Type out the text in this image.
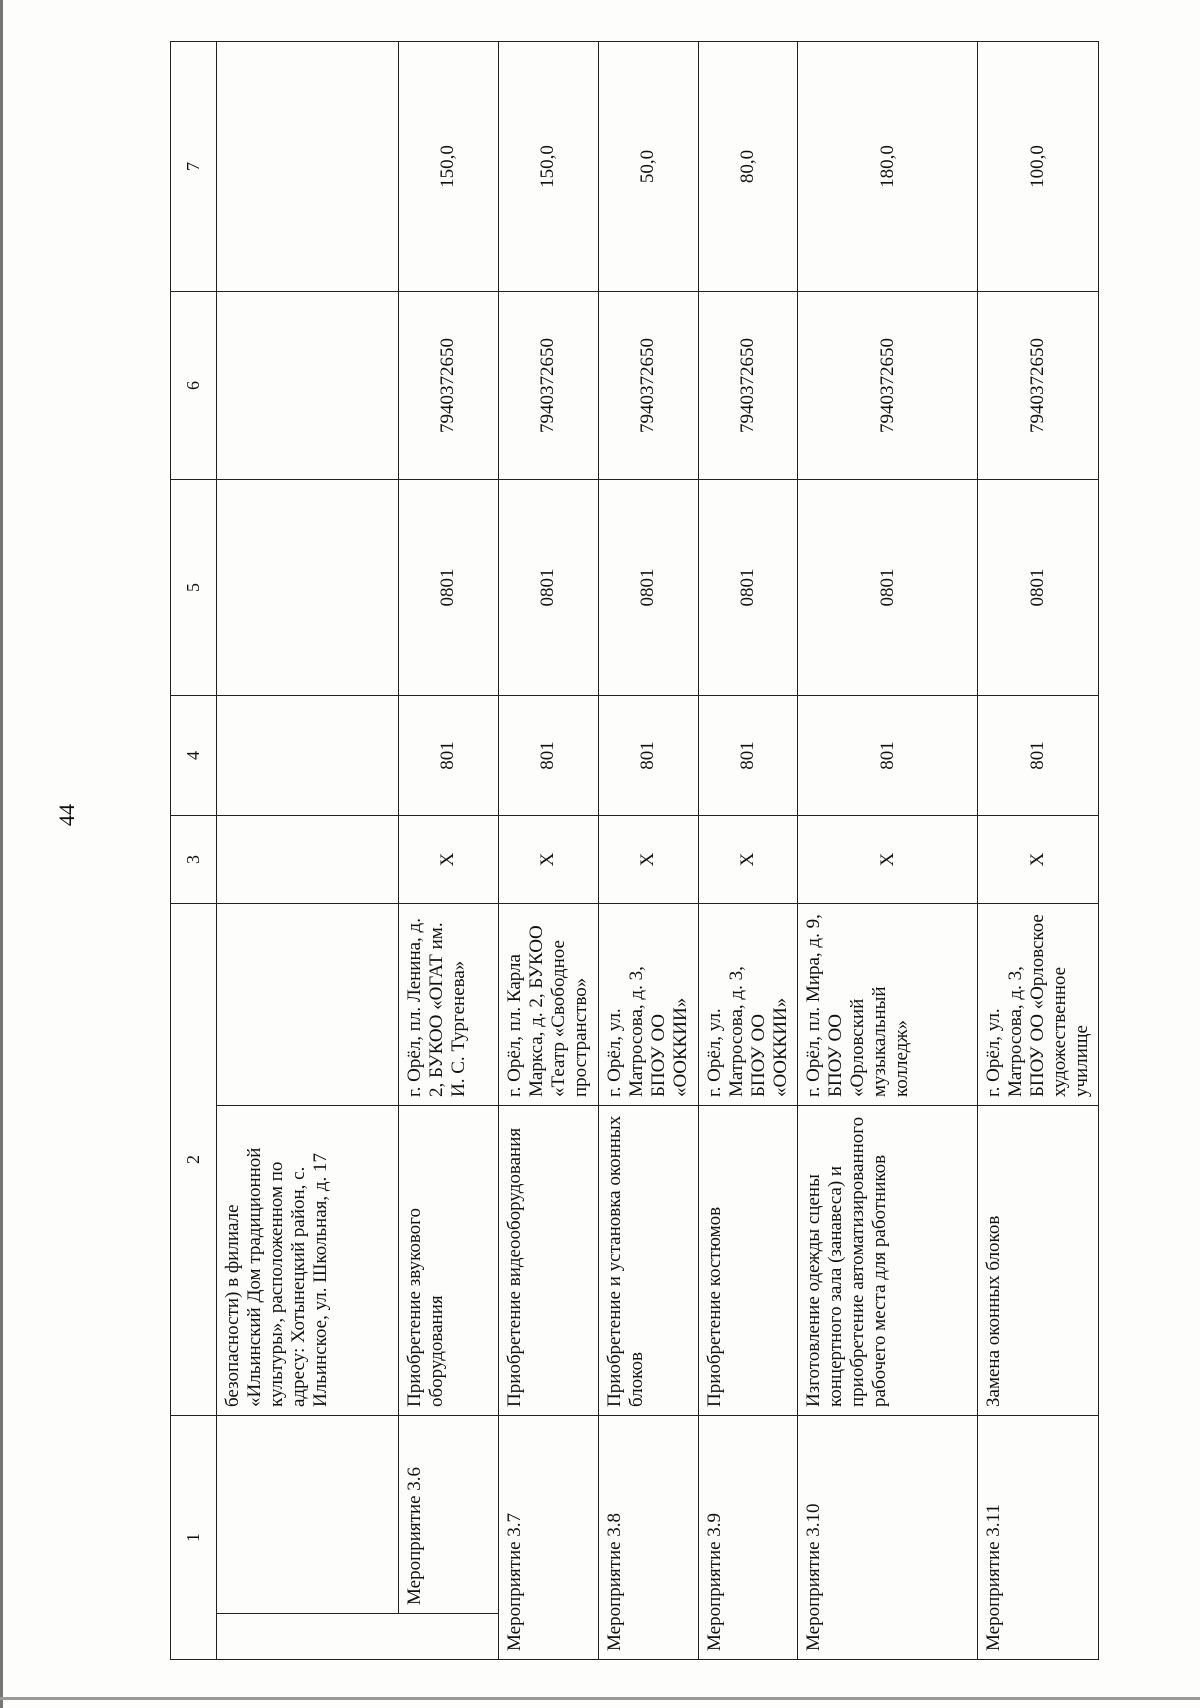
44
1		2		3	4	5	6	7
		безопасности) в филиале «Ильинский Дом традиционной культуры», расположенном по адресу: Хотынецкий район, с. Ильинское, ул. Школьная, д. 17						
	Мероприятие 3.6	Приобретение звукового оборудования	г. Орёл, пл. Ленина, д. 2, БУКОО «ОГАТ им. И. С. Тургенева»	X	801	0801	7940372650	150,0
Мероприятие 3.7		Приобретение видеооборудования	г. Орёл, пл. Карла Маркса, д. 2, БУКОО «Театр «Свободное пространство»	X	801	0801	7940372650	150,0
Мероприятие 3.8		Приобретение и установка оконных блоков	г. Орёл, ул. Матросова, д. 3, БПОУ ОО «ООККИИ»	X	801	0801	7940372650	50,0
Мероприятие 3.9		Приобретение костюмов	г. Орёл, ул. Матросова, д. 3, БПОУ ОО «ООККИИ»	X	801	0801	7940372650	80,0
Мероприятие 3.10		Изготовление одежды сцены концертного зала (занавеса) и приобретение автоматизированного рабочего места для работников	г. Орёл, пл. Мира, д. 9, БПОУ ОО «Орловский музыкальный колледж»	X	801	0801	7940372650	180,0
Мероприятие 3.11		Замена оконных блоков	г. Орёл, ул. Матросова, д. 3, БПОУ ОО «Орловское художественное училище	X	801	0801	7940372650	100,0
